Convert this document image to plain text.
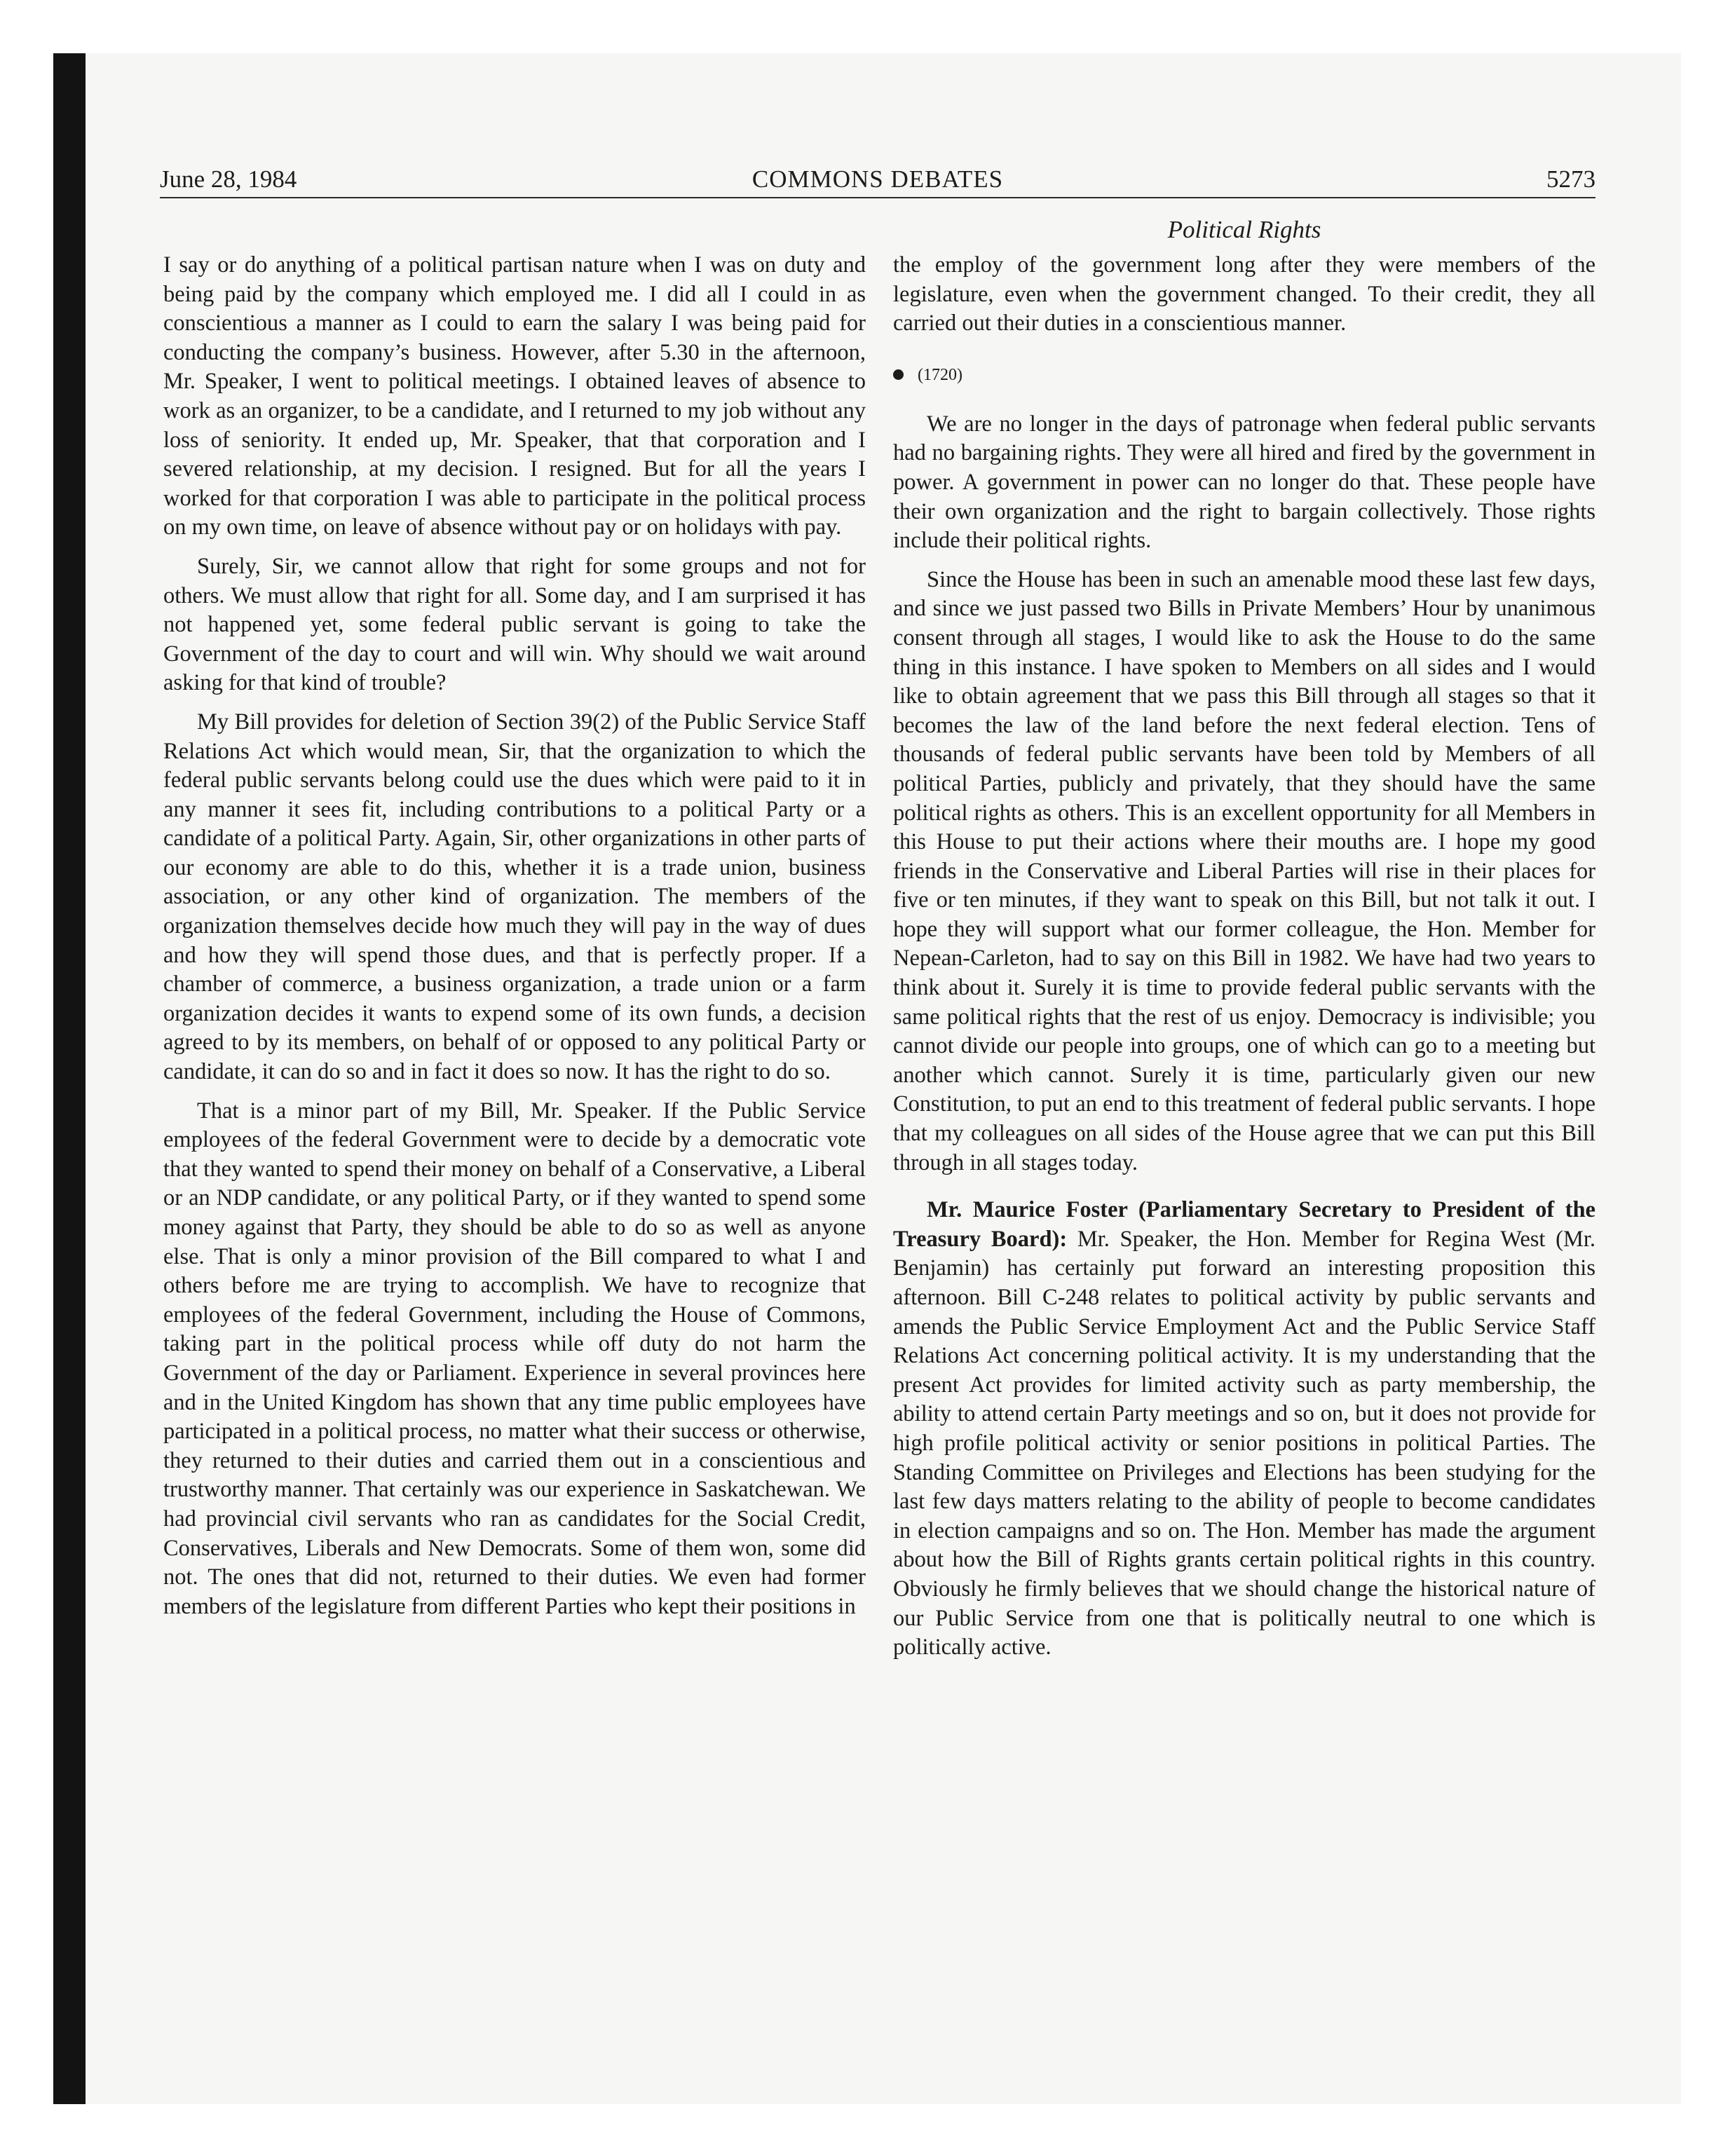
June 28, 1984	COMMONS DEBATES	5273
Political Rights

I say or do anything of a political partisan nature when I was on duty and being paid by the company which employed me. I did all I could in as conscientious a manner as I could to earn the salary I was being paid for conducting the company’s business. However, after 5.30 in the afternoon, Mr. Speaker, I went to political meetings. I obtained leaves of absence to work as an organizer, to be a candidate, and I returned to my job without any loss of seniority. It ended up, Mr. Speaker, that that corporation and I severed relationship, at my decision. I resigned. But for all the years I worked for that corporation I was able to participate in the political process on my own time, on leave of absence without pay or on holidays with pay.

Surely, Sir, we cannot allow that right for some groups and not for others. We must allow that right for all. Some day, and I am surprised it has not happened yet, some federal public servant is going to take the Government of the day to court and will win. Why should we wait around asking for that kind of trouble?

My Bill provides for deletion of Section 39(2) of the Public Service Staff Relations Act which would mean, Sir, that the organization to which the federal public servants belong could use the dues which were paid to it in any manner it sees fit, including contributions to a political Party or a candidate of a political Party. Again, Sir, other organizations in other parts of our economy are able to do this, whether it is a trade union, business association, or any other kind of organization. The members of the organization themselves decide how much they will pay in the way of dues and how they will spend those dues, and that is perfectly proper. If a chamber of commerce, a business organization, a trade union or a farm organization decides it wants to expend some of its own funds, a decision agreed to by its members, on behalf of or opposed to any political Party or candidate, it can do so and in fact it does so now. It has the right to do so.

That is a minor part of my Bill, Mr. Speaker. If the Public Service employees of the federal Government were to decide by a democratic vote that they wanted to spend their money on behalf of a Conservative, a Liberal or an NDP candidate, or any political Party, or if they wanted to spend some money against that Party, they should be able to do so as well as anyone else. That is only a minor provision of the Bill compared to what I and others before me are trying to accomplish. We have to recognize that employees of the federal Government, including the House of Commons, taking part in the political process while off duty do not harm the Government of the day or Parliament. Experience in several provinces here and in the United Kingdom has shown that any time public employees have participated in a political process, no matter what their success or otherwise, they returned to their duties and carried them out in a conscientious and trustworthy manner. That certainly was our experience in Saskatchewan. We had provincial civil servants who ran as candidates for the Social Credit, Conservatives, Liberals and New Democrats. Some of them won, some did not. The ones that did not, returned to their duties. We even had former members of the legislature from different Parties who kept their positions in

the employ of the government long after they were members of the legislature, even when the government changed. To their credit, they all carried out their duties in a conscientious manner.

(1720)

We are no longer in the days of patronage when federal public servants had no bargaining rights. They were all hired and fired by the government in power. A government in power can no longer do that. These people have their own organization and the right to bargain collectively. Those rights include their political rights.

Since the House has been in such an amenable mood these last few days, and since we just passed two Bills in Private Members’ Hour by unanimous consent through all stages, I would like to ask the House to do the same thing in this instance. I have spoken to Members on all sides and I would like to obtain agreement that we pass this Bill through all stages so that it becomes the law of the land before the next federal election. Tens of thousands of federal public servants have been told by Members of all political Parties, publicly and privately, that they should have the same political rights as others. This is an excellent opportunity for all Members in this House to put their actions where their mouths are. I hope my good friends in the Conservative and Liberal Parties will rise in their places for five or ten minutes, if they want to speak on this Bill, but not talk it out. I hope they will support what our former colleague, the Hon. Member for Nepean-Carleton, had to say on this Bill in 1982. We have had two years to think about it. Surely it is time to provide federal public servants with the same political rights that the rest of us enjoy. Democracy is indivisible; you cannot divide our people into groups, one of which can go to a meeting but another which cannot. Surely it is time, particularly given our new Constitution, to put an end to this treatment of federal public servants. I hope that my colleagues on all sides of the House agree that we can put this Bill through in all stages today.

Mr. Maurice Foster (Parliamentary Secretary to President of the Treasury Board): Mr. Speaker, the Hon. Member for Regina West (Mr. Benjamin) has certainly put forward an interesting proposition this afternoon. Bill C-248 relates to political activity by public servants and amends the Public Service Employment Act and the Public Service Staff Relations Act concerning political activity. It is my understanding that the present Act provides for limited activity such as party membership, the ability to attend certain Party meetings and so on, but it does not provide for high profile political activity or senior positions in political Parties. The Standing Committee on Privileges and Elections has been studying for the last few days matters relating to the ability of people to become candidates in election campaigns and so on. The Hon. Member has made the argument about how the Bill of Rights grants certain political rights in this country. Obviously he firmly believes that we should change the historical nature of our Public Service from one that is politically neutral to one which is politically active.
